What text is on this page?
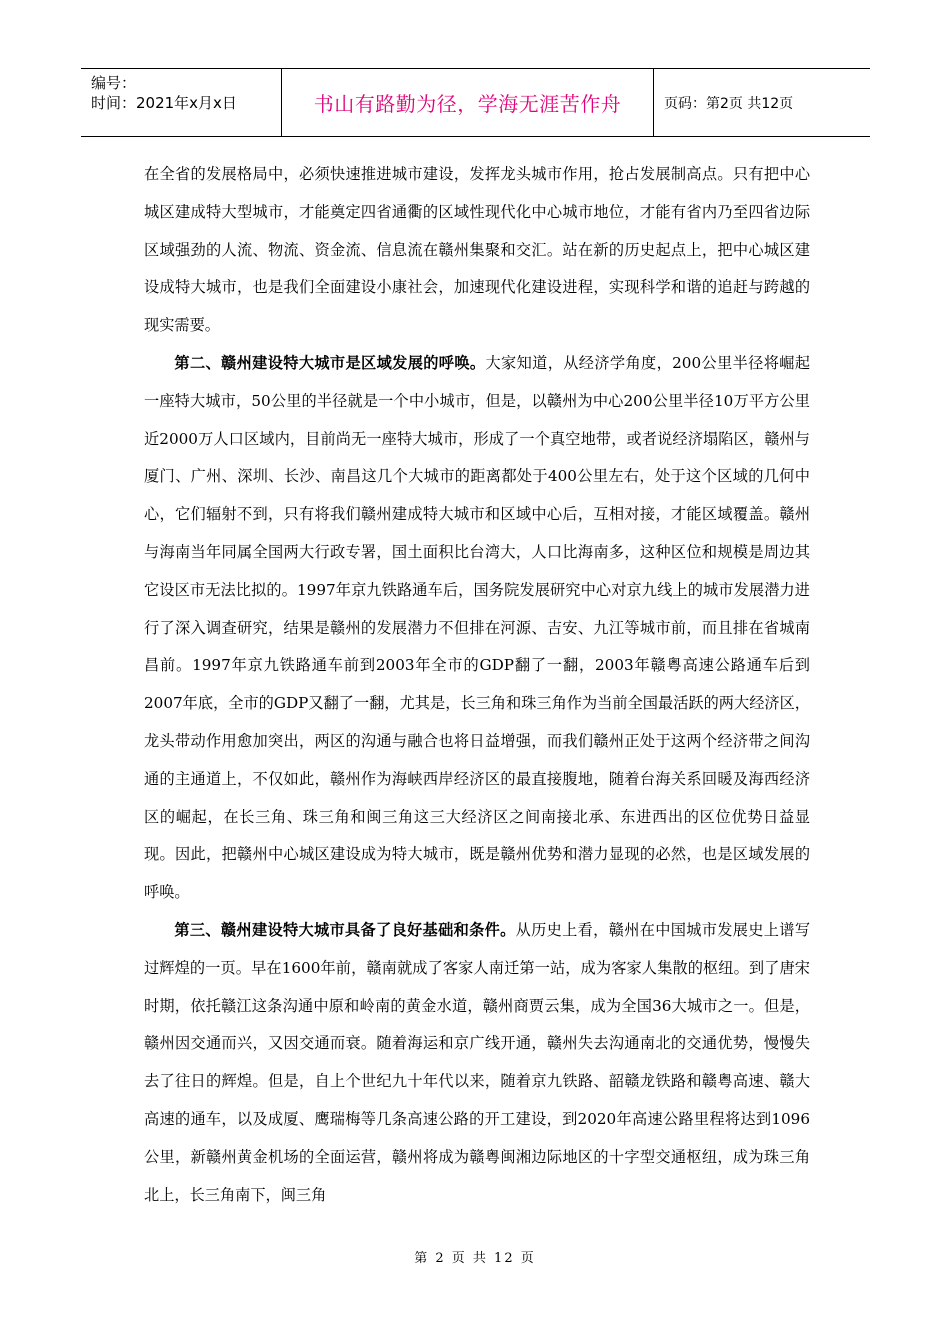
编号：
时间：2021年x月x日	书山有路勤为径，学海无涯苦作舟	页码：第2页 共12页

在全省的发展格局中，必须快速推进城市建设，发挥龙头城市作用，抢占发展制高点。只有把中心城区建成特大型城市，才能奠定四省通衢的区域性现代化中心城市地位，才能有省内乃至四省边际区域强劲的人流、物流、资金流、信息流在赣州集聚和交汇。站在新的历史起点上，把中心城区建设成特大城市，也是我们全面建设小康社会，加速现代化建设进程，实现科学和谐的追赶与跨越的现实需要。

第二、赣州建设特大城市是区域发展的呼唤。大家知道，从经济学角度，200公里半径将崛起一座特大城市，50公里的半径就是一个中小城市，但是，以赣州为中心200公里半径10万平方公里近2000万人口区域内，目前尚无一座特大城市，形成了一个真空地带，或者说经济塌陷区，赣州与厦门、广州、深圳、长沙、南昌这几个大城市的距离都处于400公里左右，处于这个区域的几何中心，它们辐射不到，只有将我们赣州建成特大城市和区域中心后，互相对接，才能区域覆盖。赣州与海南当年同属全国两大行政专署，国土面积比台湾大，人口比海南多，这种区位和规模是周边其它设区市无法比拟的。1997年京九铁路通车后，国务院发展研究中心对京九线上的城市发展潜力进行了深入调查研究，结果是赣州的发展潜力不但排在河源、吉安、九江等城市前，而且排在省城南昌前。1997年京九铁路通车前到2003年全市的GDP翻了一翻，2003年赣粤高速公路通车后到2007年底，全市的GDP又翻了一翻，尤其是，长三角和珠三角作为当前全国最活跃的两大经济区，龙头带动作用愈加突出，两区的沟通与融合也将日益增强，而我们赣州正处于这两个经济带之间沟通的主通道上，不仅如此，赣州作为海峡西岸经济区的最直接腹地，随着台海关系回暖及海西经济区的崛起，在长三角、珠三角和闽三角这三大经济区之间南接北承、东进西出的区位优势日益显现。因此，把赣州中心城区建设成为特大城市，既是赣州优势和潜力显现的必然，也是区域发展的呼唤。

第三、赣州建设特大城市具备了良好基础和条件。从历史上看，赣州在中国城市发展史上谱写过辉煌的一页。早在1600年前，赣南就成了客家人南迁第一站，成为客家人集散的枢纽。到了唐宋时期，依托赣江这条沟通中原和岭南的黄金水道，赣州商贾云集，成为全国36大城市之一。但是，赣州因交通而兴，又因交通而衰。随着海运和京广线开通，赣州失去沟通南北的交通优势，慢慢失去了往日的辉煌。但是，自上个世纪九十年代以来，随着京九铁路、韶赣龙铁路和赣粤高速、赣大高速的通车，以及成厦、鹰瑞梅等几条高速公路的开工建设，到2020年高速公路里程将达到1096公里，新赣州黄金机场的全面运营，赣州将成为赣粤闽湘边际地区的十字型交通枢纽，成为珠三角北上，长三角南下，闽三角

第 2 页 共 12 页
